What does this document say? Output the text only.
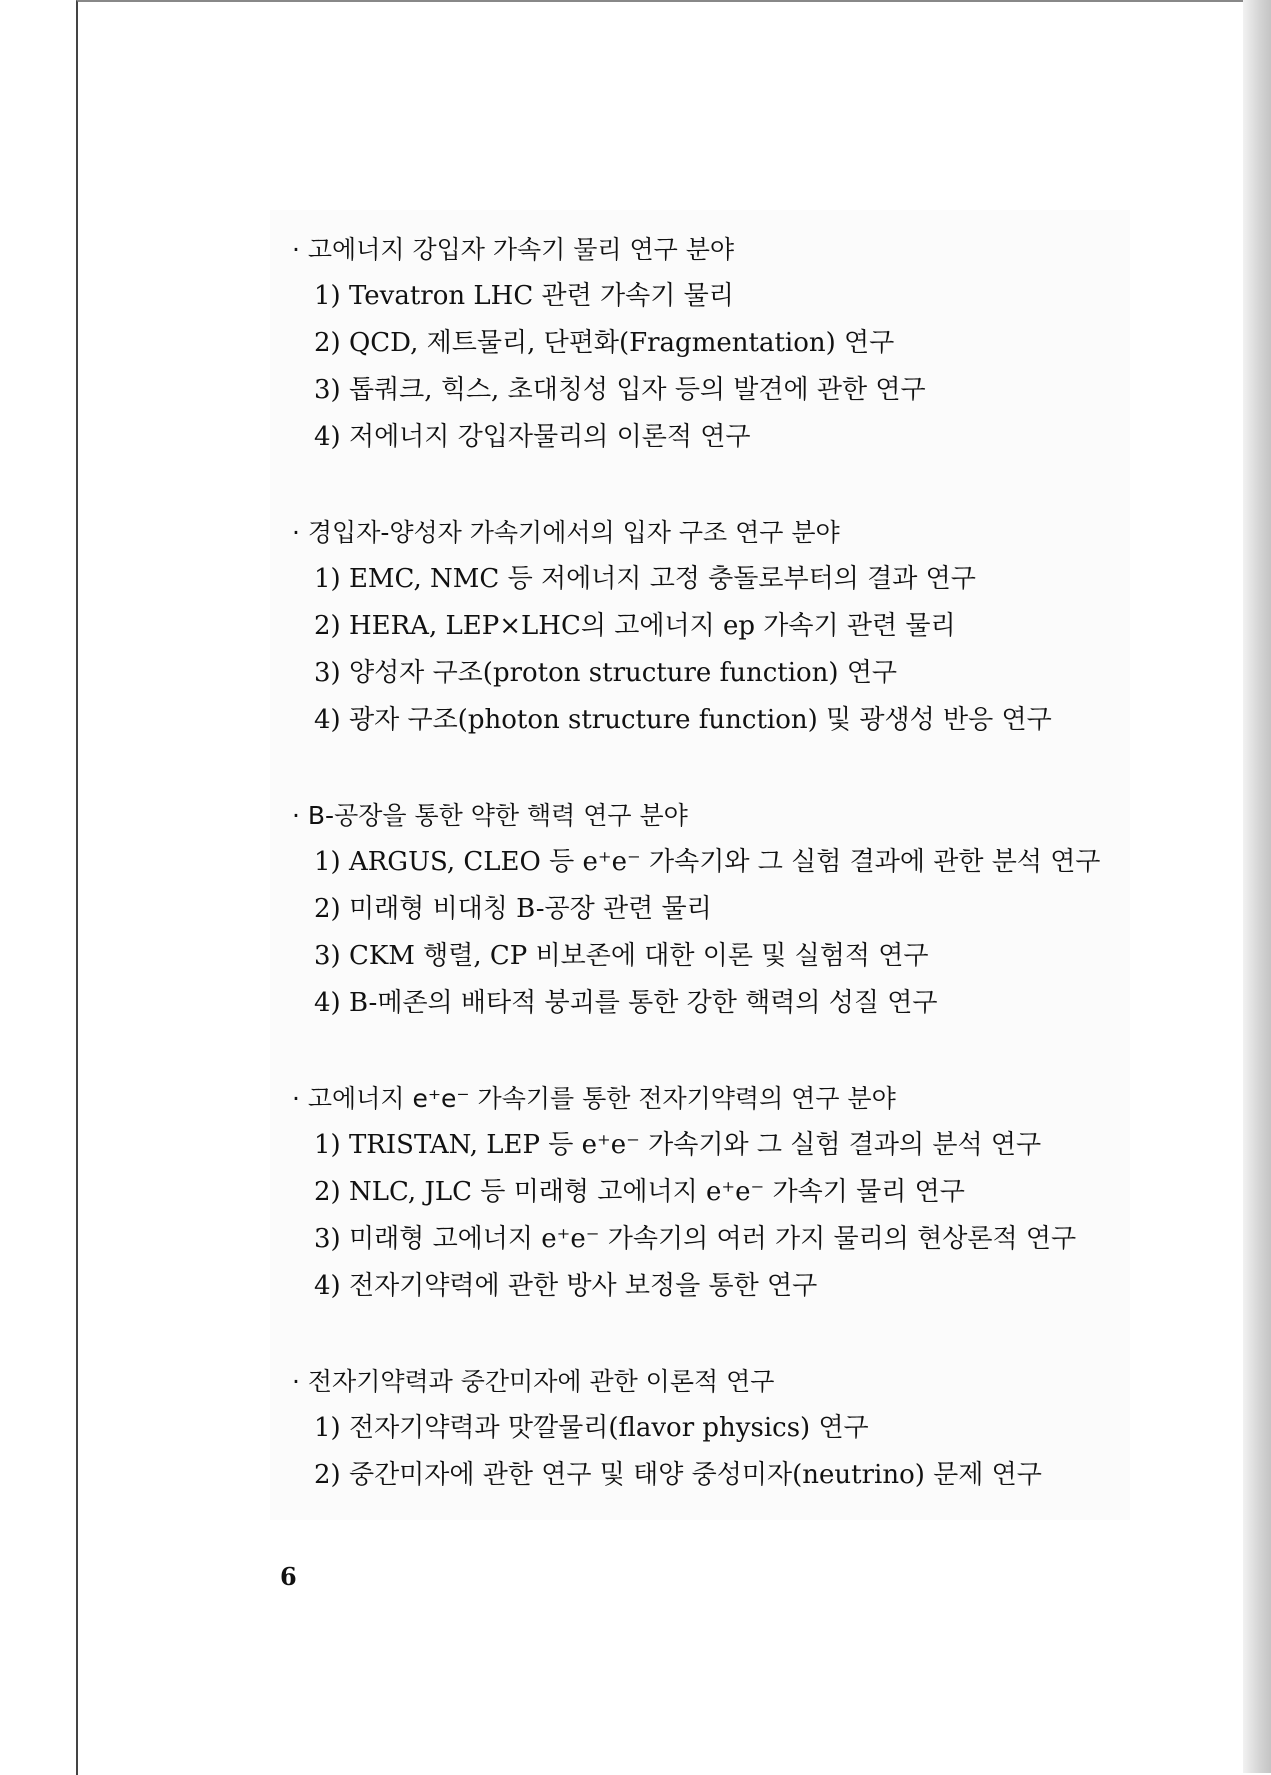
· 고에너지 강입자 가속기 물리 연구 분야
1) Tevatron LHC 관련 가속기 물리
2) QCD, 제트물리, 단편화(Fragmentation) 연구
3) 톱쿼크, 힉스, 초대칭성 입자 등의 발견에 관한 연구
4) 저에너지 강입자물리의 이론적 연구
· 경입자-양성자 가속기에서의 입자 구조 연구 분야
1) EMC, NMC 등 저에너지 고정 충돌로부터의 결과 연구
2) HERA, LEP×LHC의 고에너지 ep 가속기 관련 물리
3) 양성자 구조(proton structure function) 연구
4) 광자 구조(photon structure function) 및 광생성 반응 연구
· B-공장을 통한 약한 핵력 연구 분야
1) ARGUS, CLEO 등 e⁺e⁻ 가속기와 그 실험 결과에 관한 분석 연구
2) 미래형 비대칭 B-공장 관련 물리
3) CKM 행렬, CP 비보존에 대한 이론 및 실험적 연구
4) B-메존의 배타적 붕괴를 통한 강한 핵력의 성질 연구
· 고에너지 e⁺e⁻ 가속기를 통한 전자기약력의 연구 분야
1) TRISTAN, LEP 등 e⁺e⁻ 가속기와 그 실험 결과의 분석 연구
2) NLC, JLC 등 미래형 고에너지 e⁺e⁻ 가속기 물리 연구
3) 미래형 고에너지 e⁺e⁻ 가속기의 여러 가지 물리의 현상론적 연구
4) 전자기약력에 관한 방사 보정을 통한 연구
· 전자기약력과 중간미자에 관한 이론적 연구
1) 전자기약력과 맛깔물리(flavor physics) 연구
2) 중간미자에 관한 연구 및 태양 중성미자(neutrino) 문제 연구
6
